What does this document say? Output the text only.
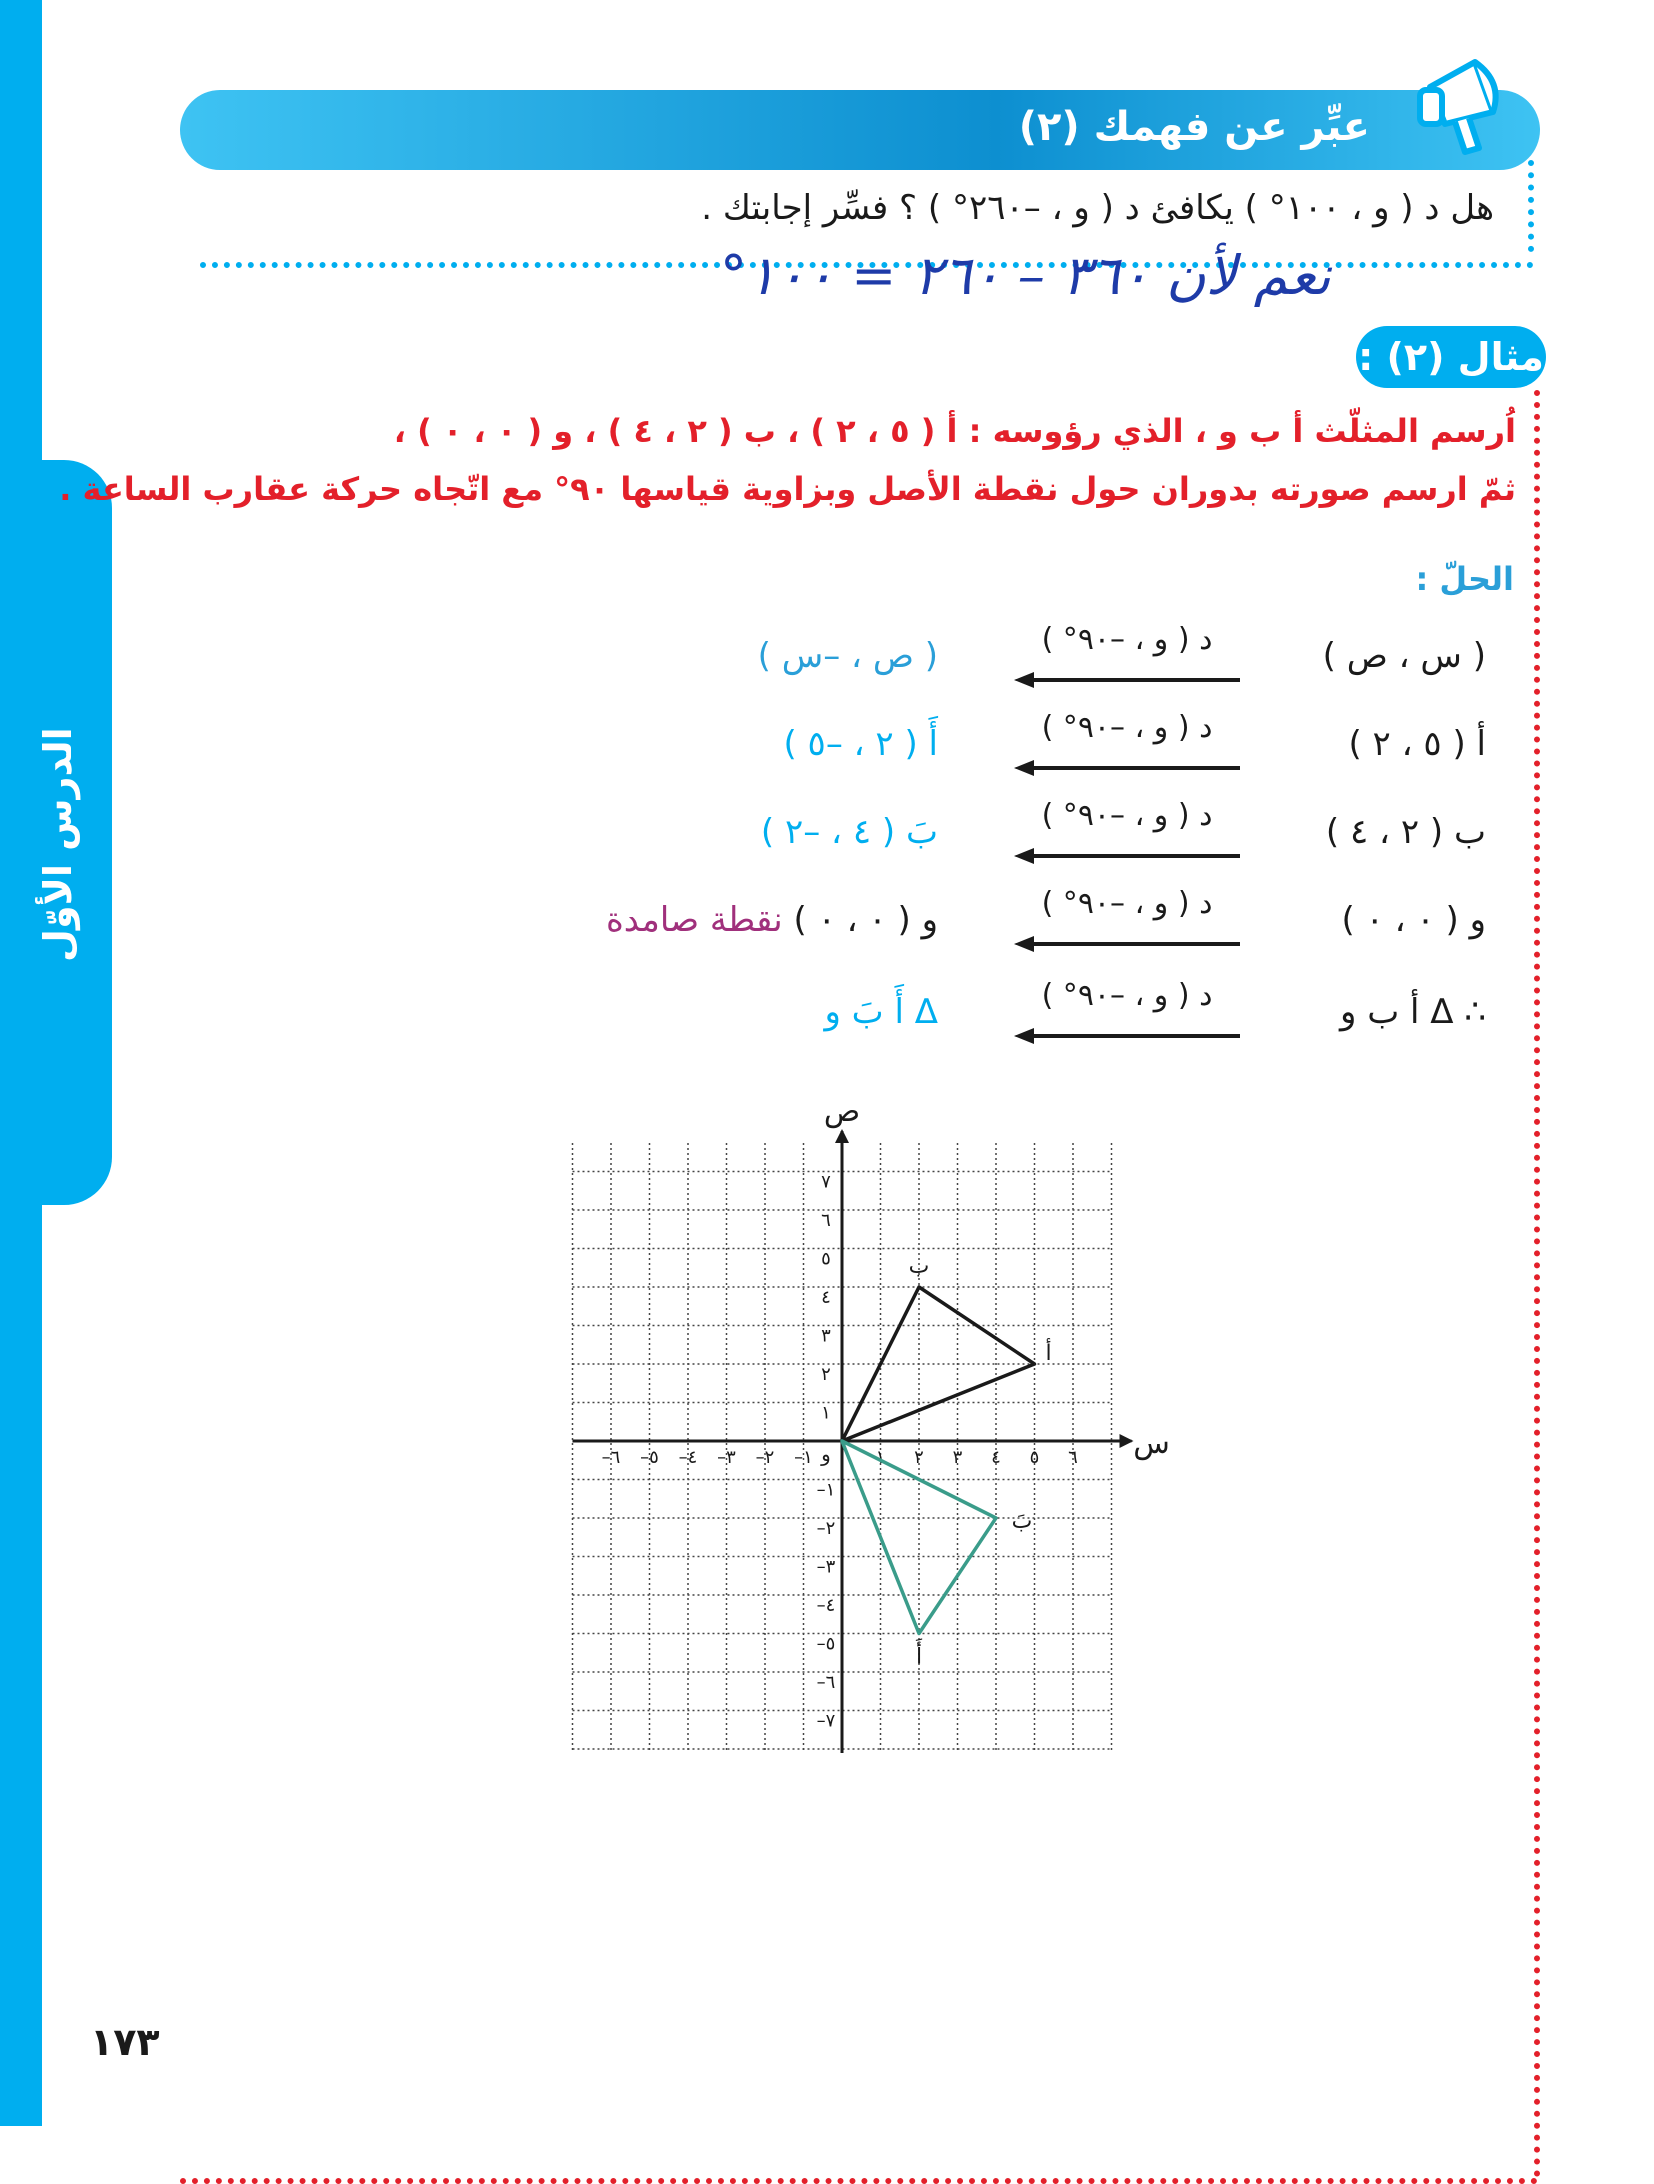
الدرس الأوّل
عبِّر عن فهمك (٢)
هل د ( و ، ١٠٠° ) يكافئ د ( و ، –٢٦٠° ) ؟ فسِّر إجابتك .
نعم لأن ٣٦٠ – ٢٦٠ = ١٠٠°
مثال (٢) :
اُرسم المثلّث أ ب و ، الذي رؤوسه : أ ( ٥ ، ٢ ) ، ب ( ٢ ، ٤ ) ، و ( ٠ ، ٠ ) ،
ثمّ ارسم صورته بدوران حول نقطة الأصل وبزاوية قياسها ٩٠° مع اتّجاه حركة عقارب الساعة .
الحلّ :
( س ، ص )
د ( و ، –٩٠° )
( ص ، –س )
أ ( ٥ ، ٢ )
د ( و ، –٩٠° )
أَ ( ٢ ، –٥ )
ب ( ٢ ، ٤ )
د ( و ، –٩٠° )
بَ ( ٤ ، –٢ )
و ( ٠ ، ٠ )
د ( و ، –٩٠° )
و ( ٠ ، ٠ ) نقطة صامدة
∴ Δ أ ب و
د ( و ، –٩٠° )
Δ أَ بَ و
س
ص
و
–٦ –٥ –٤ –٣ –٢ –١	١ ٢ ٣ ٤ ٥ ٦
٧
٦
٥
٤
٣
٢
١
–١
–٢
–٣
–٤
–٥
–٦
–٧
أ
ب
أَ
بَ
١٧٣
